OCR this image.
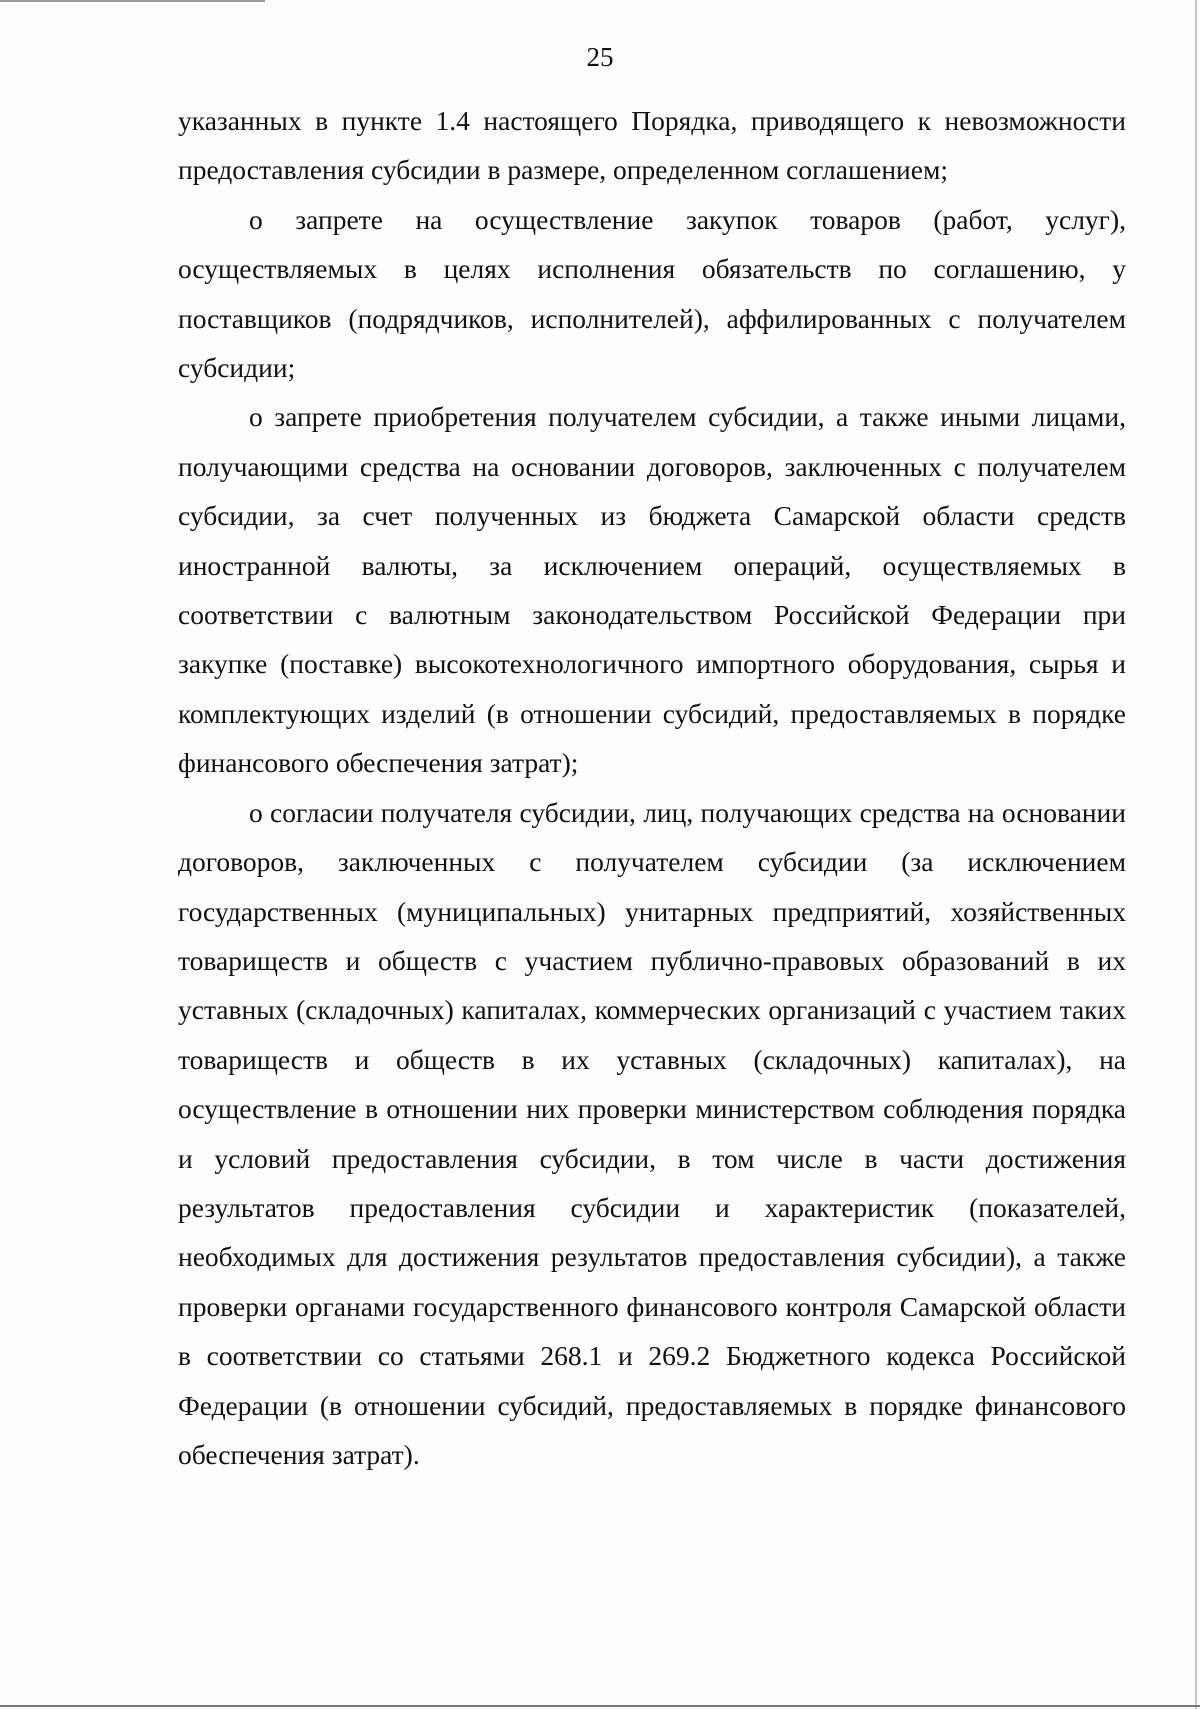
25

указанных в пункте 1.4 настоящего Порядка, приводящего к невозможности предоставления субсидии в размере, определенном соглашением;

о запрете на осуществление закупок товаров (работ, услуг), осуществляемых в целях исполнения обязательств по соглашению, у поставщиков (подрядчиков, исполнителей), аффилированных с получателем субсидии;

о запрете приобретения получателем субсидии, а также иными лицами, получающими средства на основании договоров, заключенных с получателем субсидии, за счет полученных из бюджета Самарской области средств иностранной валюты, за исключением операций, осуществляемых в соответствии с валютным законодательством Российской Федерации при закупке (поставке) высокотехнологичного импортного оборудования, сырья и комплектующих изделий (в отношении субсидий, предоставляемых в порядке финансового обеспечения затрат);

о согласии получателя субсидии, лиц, получающих средства на основании договоров, заключенных с получателем субсидии (за исключением государственных (муниципальных) унитарных предприятий, хозяйственных товариществ и обществ с участием публично-правовых образований в их уставных (складочных) капиталах, коммерческих организаций с участием таких товариществ и обществ в их уставных (складочных) капиталах), на осуществление в отношении них проверки министерством соблюдения порядка и условий предоставления субсидии, в том числе в части достижения результатов предоставления субсидии и характеристик (показателей, необходимых для достижения результатов предоставления субсидии), а также проверки органами государственного финансового контроля Самарской области в соответствии со статьями 268.1 и 269.2 Бюджетного кодекса Российской Федерации (в отношении субсидий, предоставляемых в порядке финансового обеспечения затрат).
